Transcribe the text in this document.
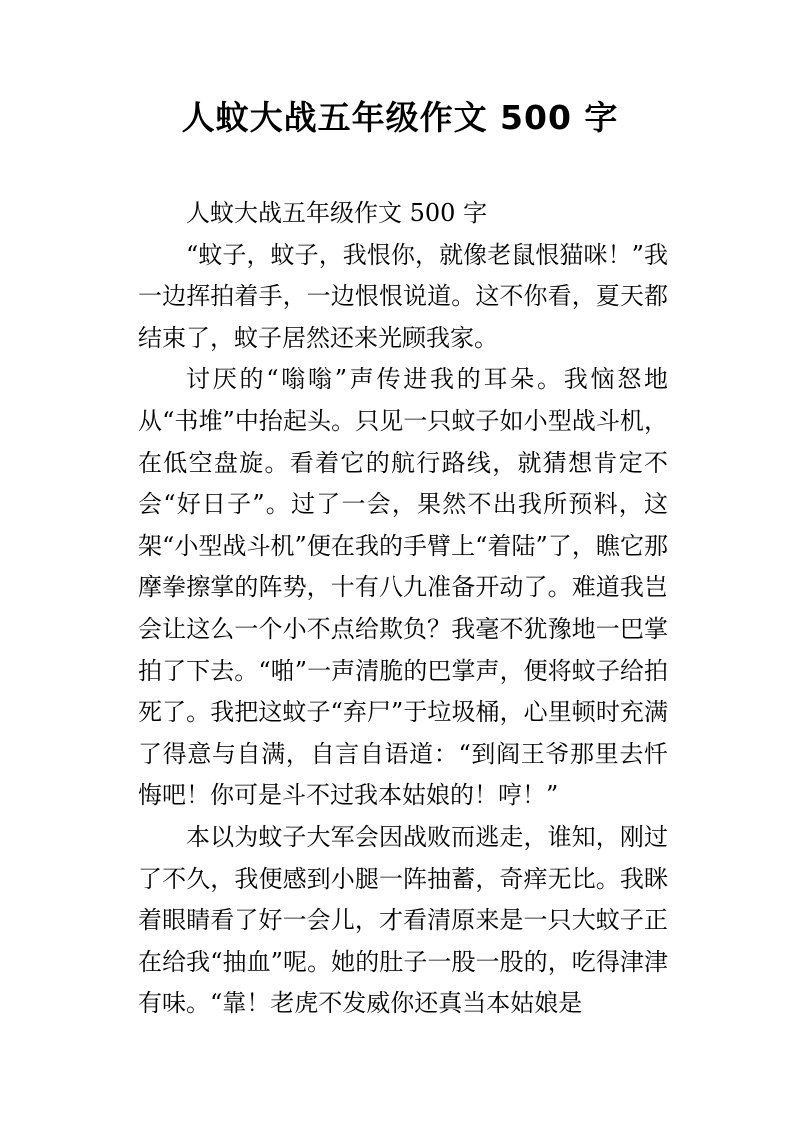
人蚊大战五年级作文 500 字

人蚊大战五年级作文 500 字

“蚊子，蚊子，我恨你，就像老鼠恨猫咪！”我一边挥拍着手，一边恨恨说道。这不你看，夏天都结束了，蚊子居然还来光顾我家。

讨厌的“嗡嗡”声传进我的耳朵。我恼怒地从“书堆”中抬起头。只见一只蚊子如小型战斗机，在低空盘旋。看着它的航行路线，就猜想肯定不会“好日子”。过了一会，果然不出我所预料，这架“小型战斗机”便在我的手臂上“着陆”了，瞧它那摩拳擦掌的阵势，十有八九准备开动了。难道我岂会让这么一个小不点给欺负？我毫不犹豫地一巴掌拍了下去。“啪”一声清脆的巴掌声，便将蚊子给拍死了。我把这蚊子“弃尸”于垃圾桶，心里顿时充满了得意与自满，自言自语道：“到阎王爷那里去忏悔吧！你可是斗不过我本姑娘的！哼！”

本以为蚊子大军会因战败而逃走，谁知，刚过了不久，我便感到小腿一阵抽蓄，奇痒无比。我眯着眼睛看了好一会儿，才看清原来是一只大蚊子正在给我“抽血”呢。她的肚子一股一股的，吃得津津有味。“靠！老虎不发威你还真当本姑娘是
